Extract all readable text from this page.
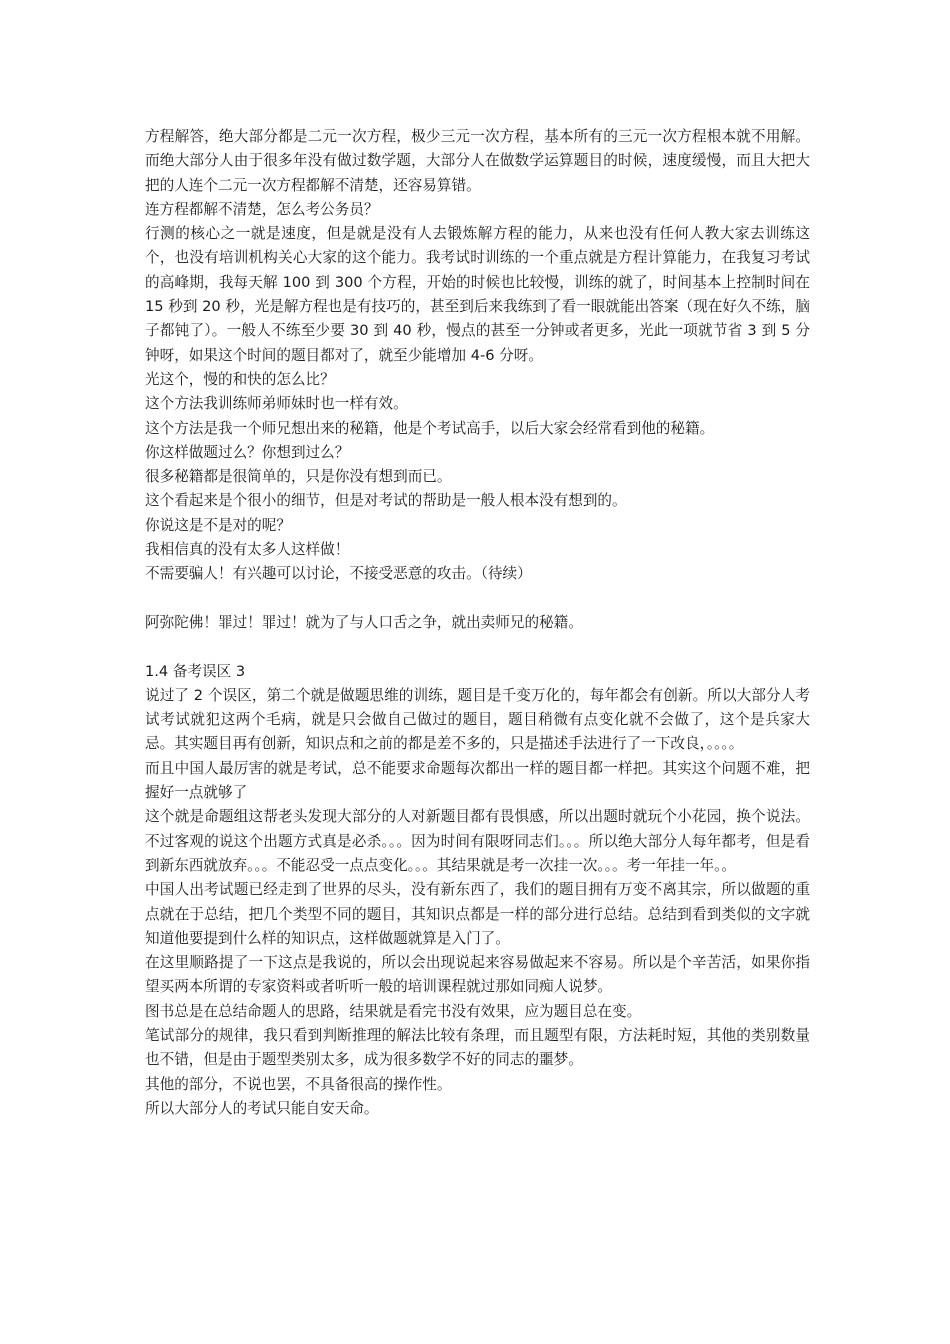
方程解答，绝大部分都是二元一次方程，极少三元一次方程，基本所有的三元一次方程根本就不用解。而绝大部分人由于很多年没有做过数学题，大部分人在做数学运算题目的时候，速度缓慢，而且大把大把的人连个二元一次方程都解不清楚，还容易算错。

连方程都解不清楚，怎么考公务员？

行测的核心之一就是速度，但是就是没有人去锻炼解方程的能力，从来也没有任何人教大家去训练这个，也没有培训机构关心大家的这个能力。我考试时训练的一个重点就是方程计算能力，在我复习考试的高峰期，我每天解 100 到 300 个方程，开始的时候也比较慢，训练的就了，时间基本上控制时间在 15 秒到 20 秒，光是解方程也是有技巧的，甚至到后来我练到了看一眼就能出答案（现在好久不练，脑子都钝了）。一般人不练至少要 30 到 40 秒，慢点的甚至一分钟或者更多，光此一项就节省 3 到 5 分钟呀，如果这个时间的题目都对了，就至少能增加 4-6 分呀。

光这个，慢的和快的怎么比？

这个方法我训练师弟师妹时也一样有效。

这个方法是我一个师兄想出来的秘籍，他是个考试高手，以后大家会经常看到他的秘籍。

你这样做题过么？你想到过么？

很多秘籍都是很简单的，只是你没有想到而已。

这个看起来是个很小的细节，但是对考试的帮助是一般人根本没有想到的。

你说这是不是对的呢？

我相信真的没有太多人这样做！

不需要骗人！有兴趣可以讨论，不接受恶意的攻击。（待续）

阿弥陀佛！罪过！罪过！就为了与人口舌之争，就出卖师兄的秘籍。

1.4 备考误区 3

说过了 2 个误区，第二个就是做题思维的训练，题目是千变万化的，每年都会有创新。所以大部分人考试考试就犯这两个毛病，就是只会做自己做过的题目，题目稍微有点变化就不会做了，这个是兵家大忌。其实题目再有创新，知识点和之前的都是差不多的，只是描述手法进行了一下改良，。。。。

而且中国人最厉害的就是考试，总不能要求命题每次都出一样的题目都一样把。其实这个问题不难，把握好一点就够了

这个就是命题组这帮老头发现大部分的人对新题目都有畏惧感，所以出题时就玩个小花园，换个说法。不过客观的说这个出题方式真是必杀。。。因为时间有限呀同志们。。。所以绝大部分人每年都考，但是看到新东西就放弃。。。不能忍受一点点变化。。。其结果就是考一次挂一次。。。考一年挂一年。。

中国人出考试题已经走到了世界的尽头，没有新东西了，我们的题目拥有万变不离其宗，所以做题的重点就在于总结，把几个类型不同的题目，其知识点都是一样的部分进行总结。总结到看到类似的文字就知道他要提到什么样的知识点，这样做题就算是入门了。

在这里顺路提了一下这点是我说的，所以会出现说起来容易做起来不容易。所以是个辛苦活，如果你指望买两本所谓的专家资料或者听听一般的培训课程就过那如同痴人说梦。

图书总是在总结命题人的思路，结果就是看完书没有效果，应为题目总在变。

笔试部分的规律，我只看到判断推理的解法比较有条理，而且题型有限，方法耗时短，其他的类别数量也不错，但是由于题型类别太多，成为很多数学不好的同志的噩梦。

其他的部分，不说也罢，不具备很高的操作性。

所以大部分人的考试只能自安天命。
